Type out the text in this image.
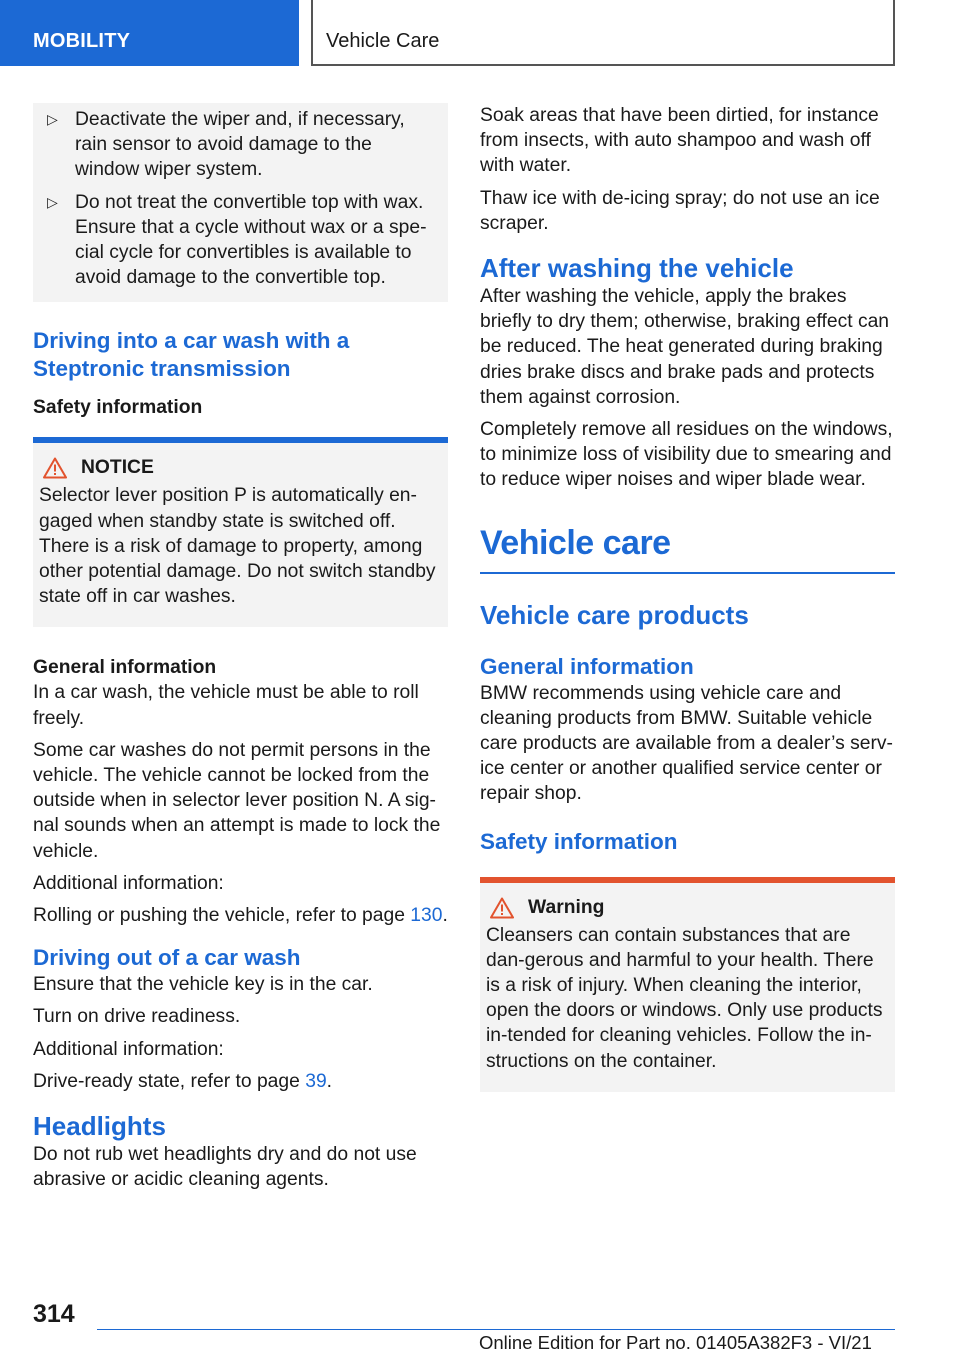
MOBILITY	Vehicle Care
▷ Deactivate the wiper and, if necessary, rain sensor to avoid damage to the window wiper system.
▷ Do not treat the convertible top with wax. Ensure that a cycle without wax or a spe-cial cycle for convertibles is available to avoid damage to the convertible top.
Driving into a car wash with a Steptronic transmission
Safety information
NOTICE

Selector lever position P is automatically en-gaged when standby state is switched off. There is a risk of damage to property, among other potential damage. Do not switch standby state off in car washes.

General information

In a car wash, the vehicle must be able to roll freely.

Some car washes do not permit persons in the vehicle. The vehicle cannot be locked from the outside when in selector lever position N. A sig-nal sounds when an attempt is made to lock the vehicle.

Additional information:

Rolling or pushing the vehicle, refer to page 130.

Driving out of a car wash

Ensure that the vehicle key is in the car.

Turn on drive readiness.

Additional information:

Drive-ready state, refer to page 39.

Headlights

Do not rub wet headlights dry and do not use abrasive or acidic cleaning agents.

Soak areas that have been dirtied, for instance from insects, with auto shampoo and wash off with water.

Thaw ice with de-icing spray; do not use an ice scraper.

After washing the vehicle

After washing the vehicle, apply the brakes briefly to dry them; otherwise, braking effect can be reduced. The heat generated during braking dries brake discs and brake pads and protects them against corrosion.

Completely remove all residues on the windows, to minimize loss of visibility due to smearing and to reduce wiper noises and wiper blade wear.

Vehicle care
Vehicle care products
General information

BMW recommends using vehicle care and cleaning products from BMW. Suitable vehicle care products are available from a dealer’s serv-ice center or another qualified service center or repair shop.

Safety information
Warning

Cleansers can contain substances that are dan-gerous and harmful to your health. There is a risk of injury. When cleaning the interior, open the doors or windows. Only use products in-tended for cleaning vehicles. Follow the in-structions on the container.

314
Online Edition for Part no. 01405A382F3 - VI/21
